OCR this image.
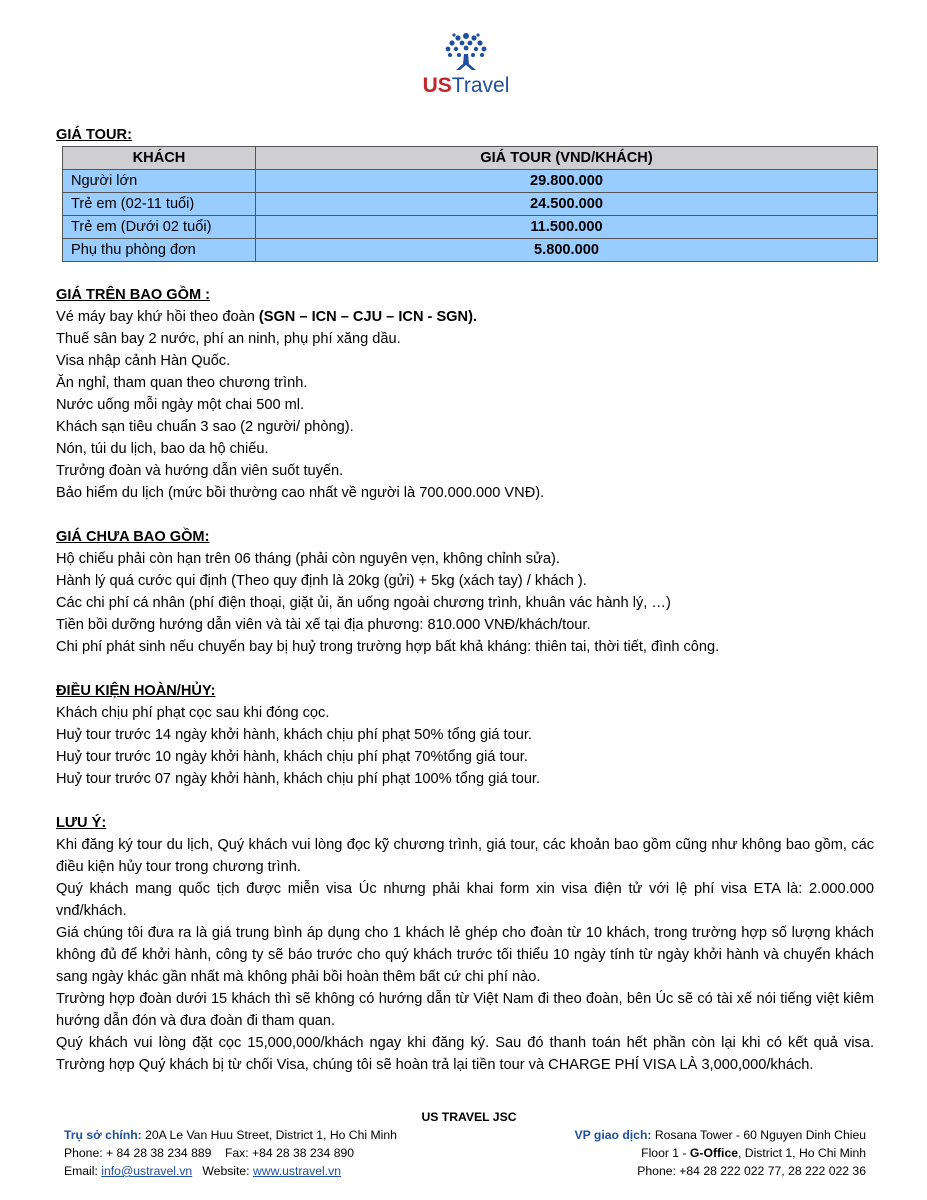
USTravel
GIÁ TOUR:
KHÁCH	GIÁ TOUR (VND/KHÁCH)
Người lớn	29.800.000
Trẻ em (02-11 tuổi)	24.500.000
Trẻ em (Dưới 02 tuổi)	11.500.000
Phụ thu phòng đơn	5.800.000
GIÁ TRÊN BAO GỒM :
Vé máy bay khứ hồi theo đoàn (SGN – ICN – CJU – ICN - SGN).
Thuế sân bay 2 nước, phí an ninh, phụ phí xăng dầu.
Visa nhập cảnh Hàn Quốc.
Ăn nghỉ, tham quan theo chương trình.
Nước uống mỗi ngày một chai 500 ml.
Khách sạn tiêu chuẩn 3 sao (2 người/ phòng).
Nón, túi du lịch, bao da hộ chiếu.
Trưởng đoàn và hướng dẫn viên suốt tuyến.
Bảo hiểm du lịch (mức bồi thường cao nhất về người là 700.000.000 VNĐ).
GIÁ CHƯA BAO GỒM:
Hộ chiếu phải còn hạn trên 06 tháng (phải còn nguyên vẹn, không chỉnh sửa).
Hành lý quá cước qui định (Theo quy định là 20kg (gửi) + 5kg (xách tay) / khách ).
Các chi phí cá nhân (phí điện thoại, giặt ủi, ăn uống ngoài chương trình, khuân vác hành lý, …)
Tiền bồi dưỡng hướng dẫn viên và tài xế tại địa phương: 810.000 VNĐ/khách/tour.
Chi phí phát sinh nếu chuyến bay bị huỷ trong trường hợp bất khả kháng: thiên tai, thời tiết, đình công.
ĐIỀU KIỆN HOÀN/HỦY:
Khách chịu phí phạt cọc sau khi đóng cọc.
Huỷ tour trước 14 ngày khởi hành, khách chịu phí phạt 50% tổng giá tour.
Huỷ tour trước 10 ngày khởi hành, khách chịu phí phạt 70%tổng giá tour.
Huỷ tour trước 07 ngày khởi hành, khách chịu phí phạt 100% tổng giá tour.
LƯU Ý:
Khi đăng ký tour du lịch, Quý khách vui lòng đọc kỹ chương trình, giá tour, các khoản bao gồm cũng như không bao gồm, các điều kiện hủy tour trong chương trình.
Quý khách mang quốc tịch được miễn visa Úc nhưng phải khai form xin visa điện tử với lệ phí visa ETA là: 2.000.000 vnđ/khách.
Giá chúng tôi đưa ra là giá trung bình áp dụng cho 1 khách lẻ ghép cho đoàn từ 10 khách, trong trường hợp số lượng khách không đủ để khởi hành, công ty sẽ báo trước cho quý khách trước tối thiểu 10 ngày tính từ ngày khởi hành và chuyển khách sang ngày khác gần nhất mà không phải bồi hoàn thêm bất cứ chi phí nào.
Trường hợp đoàn dưới 15 khách thì sẽ không có hướng dẫn từ Việt Nam đi theo đoàn, bên Úc sẽ có tài xế nói tiếng việt kiêm hướng dẫn đón và đưa đoàn đi tham quan.
Quý khách vui lòng đặt cọc 15,000,000/khách ngay khi đăng ký. Sau đó thanh toán hết phần còn lại khi có kết quả visa. Trường hợp Quý khách bị từ chối Visa, chúng tôi sẽ hoàn trả lại tiền tour và CHARGE PHÍ VISA LÀ 3,000,000/khách.
US TRAVEL JSC
Trụ sở chính: 20A Le Van Huu Street, District 1, Ho Chi Minh
Phone: + 84 28 38 234 889    Fax: +84 28 38 234 890
Email: info@ustravel.vn   Website: www.ustravel.vn
VP giao dịch: Rosana Tower - 60 Nguyen Dinh Chieu
Floor 1 - G-Office, District 1, Ho Chi Minh
Phone: +84 28 222 022 77, 28 222 022 36
